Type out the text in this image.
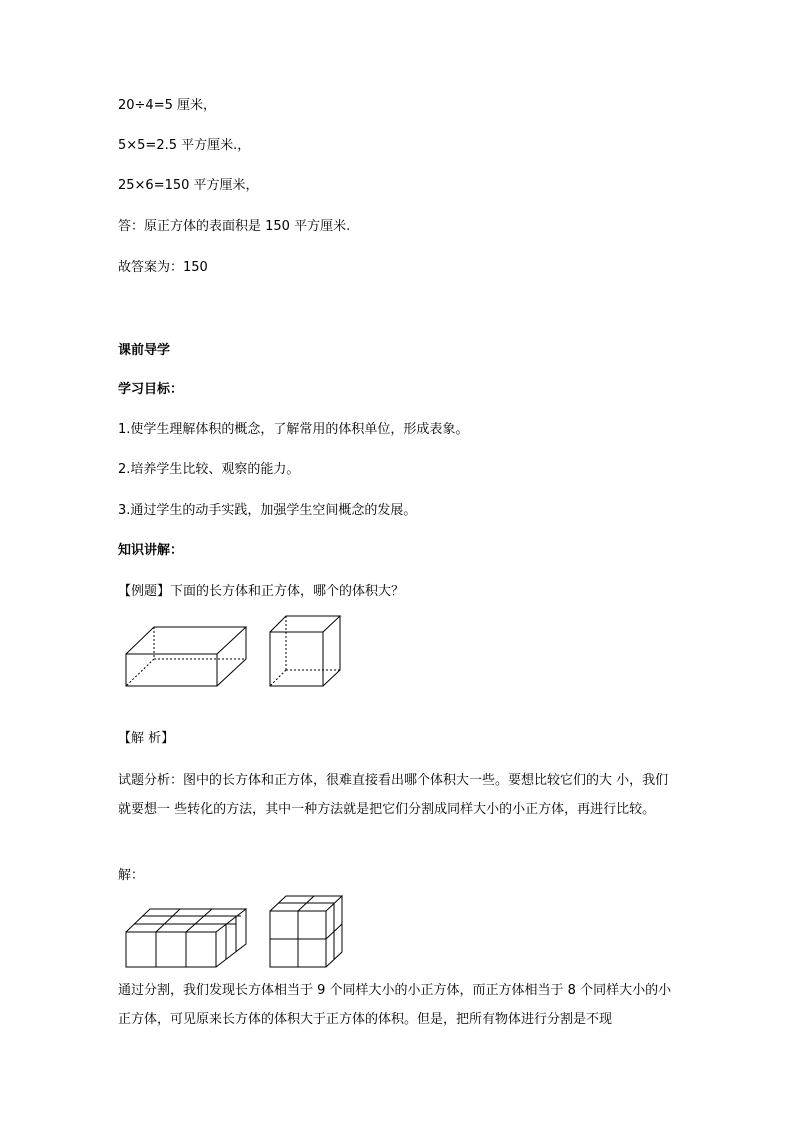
20÷4=5 厘米，
5×5=2.5 平方厘米.，
25×6=150 平方厘米，
答：原正方体的表面积是 150 平方厘米.
故答案为：150
课前导学
学习目标：
1.使学生理解体积的概念，了解常用的体积单位，形成表象。
2.培养学生比较、观察的能力。
3.通过学生的动手实践，加强学生空间概念的发展。
知识讲解：
【例题】下面的长方体和正方体，哪个的体积大？
【解 析】
试题分析：图中的长方体和正方体，很难直接看出哪个体积大一些。要想比较它们的大 小，我们就要想一 些转化的方法，其中一种方法就是把它们分割成同样大小的小正方体，再进行比较。
解：
通过分割，我们发现长方体相当于 9 个同样大小的小正方体，而正方体相当于 8 个同样大小的小正方体，可见原来长方体的体积大于正方体的体积。但是，把所有物体进行分割是不现
